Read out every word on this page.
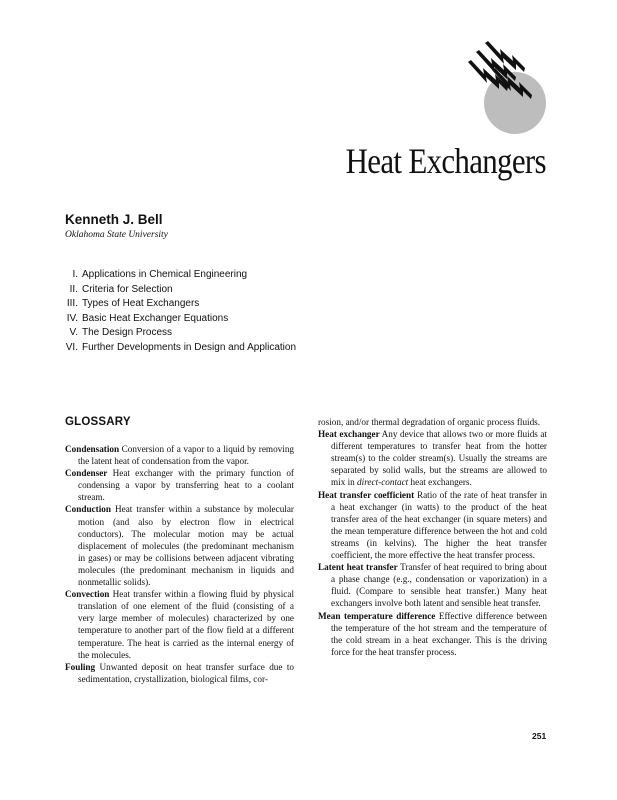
Heat Exchangers
Kenneth J. Bell
Oklahoma State University
I. Applications in Chemical Engineering
II. Criteria for Selection
III. Types of Heat Exchangers
IV. Basic Heat Exchanger Equations
V. The Design Process
VI. Further Developments in Design and Application
GLOSSARY
Condensation Conversion of a vapor to a liquid by removing the latent heat of condensation from the vapor.
Condenser Heat exchanger with the primary function of condensing a vapor by transferring heat to a coolant stream.
Conduction Heat transfer within a substance by molecular motion (and also by electron flow in electrical conductors). The molecular motion may be actual displacement of molecules (the predominant mechanism in gases) or may be collisions between adjacent vibrating molecules (the predominant mechanism in liquids and nonmetallic solids).
Convection Heat transfer within a flowing fluid by physical translation of one element of the fluid (consisting of a very large member of molecules) characterized by one temperature to another part of the flow field at a different temperature. The heat is carried as the internal energy of the molecules.
Fouling Unwanted deposit on heat transfer surface due to sedimentation, crystallization, biological films, cor-
rosion, and/or thermal degradation of organic process fluids.
Heat exchanger Any device that allows two or more fluids at different temperatures to transfer heat from the hotter stream(s) to the colder stream(s). Usually the streams are separated by solid walls, but the streams are allowed to mix in direct-contact heat exchangers.
Heat transfer coefficient Ratio of the rate of heat transfer in a heat exchanger (in watts) to the product of the heat transfer area of the heat exchanger (in square meters) and the mean temperature difference between the hot and cold streams (in kelvins). The higher the heat transfer coefficient, the more effective the heat transfer process.
Latent heat transfer Transfer of heat required to bring about a phase change (e.g., condensation or vaporization) in a fluid. (Compare to sensible heat transfer.) Many heat exchangers involve both latent and sensible heat transfer.
Mean temperature difference Effective difference between the temperature of the hot stream and the temperature of the cold stream in a heat exchanger. This is the driving force for the heat transfer process.
251
